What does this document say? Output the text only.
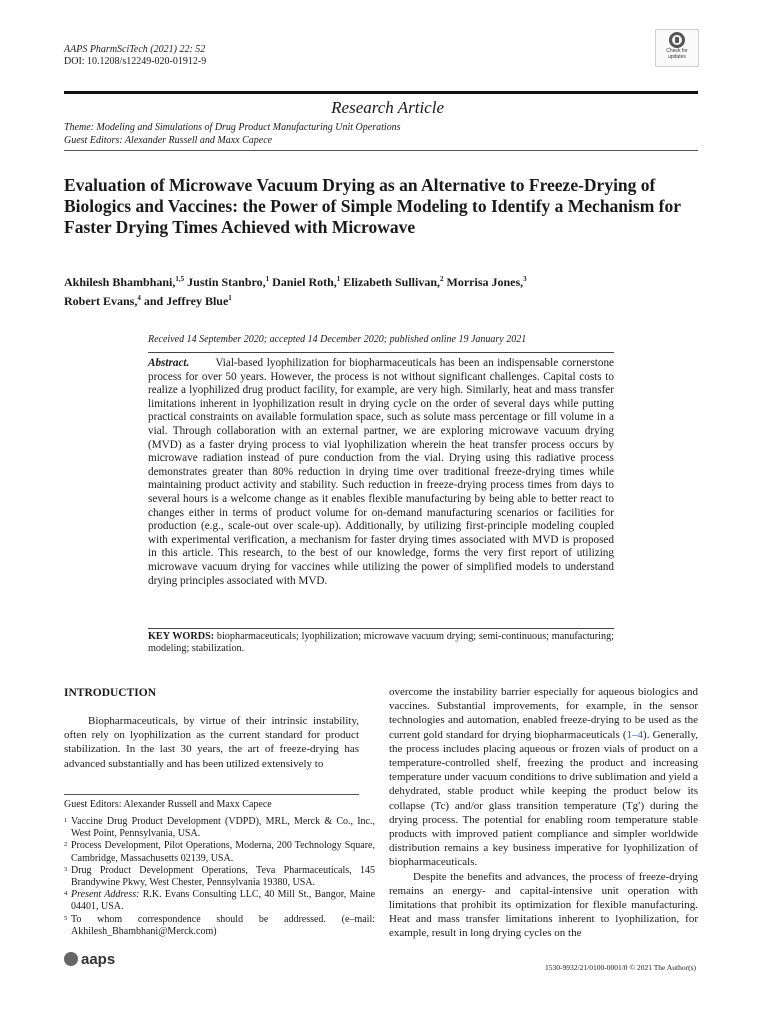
AAPS PharmSciTech (2021) 22: 52
DOI: 10.1208/s12249-020-01912-9
Check for
updates
Research Article
Theme: Modeling and Simulations of Drug Product Manufacturing Unit Operations
Guest Editors: Alexander Russell and Maxx Capece
Evaluation of Microwave Vacuum Drying as an Alternative to Freeze-Drying of Biologics and Vaccines: the Power of Simple Modeling to Identify a Mechanism for Faster Drying Times Achieved with Microwave
Akhilesh Bhambhani,$^{1,5}$ Justin Stanbro,$^1$ Daniel Roth,$^1$ Elizabeth Sullivan,$^2$ Morrisa Jones,$^3$
Robert Evans,$^4$ and Jeffrey Blue$^1$
Received 14 September 2020; accepted 14 December 2020; published online 19 January 2021
Abstract. Vial-based lyophilization for biopharmaceuticals has been an indispensable cornerstone process for over 50 years. However, the process is not without significant challenges. Capital costs to realize a lyophilized drug product facility, for example, are very high. Similarly, heat and mass transfer limitations inherent in lyophilization result in drying cycle on the order of several days while putting practical constraints on available formulation space, such as solute mass percentage or fill volume in a vial. Through collaboration with an external partner, we are exploring microwave vacuum drying (MVD) as a faster drying process to vial lyophilization wherein the heat transfer process occurs by microwave radiation instead of pure conduction from the vial. Drying using this radiative process demonstrates greater than 80% reduction in drying time over traditional freeze-drying times while maintaining product activity and stability. Such reduction in freeze-drying process times from days to several hours is a welcome change as it enables flexible manufacturing by being able to better react to changes either in terms of product volume for on-demand manufacturing scenarios or facilities for production (e.g., scale-out over scale-up). Additionally, by utilizing first-principle modeling coupled with experimental verification, a mechanism for faster drying times associated with MVD is proposed in this article. This research, to the best of our knowledge, forms the very first report of utilizing microwave vacuum drying for vaccines while utilizing the power of simplified models to understand drying principles associated with MVD.
KEY WORDS: biopharmaceuticals; lyophilization; microwave vacuum drying; semi-continuous; manufacturing; modeling; stabilization.
INTRODUCTION
Biopharmaceuticals, by virtue of their intrinsic instability, often rely on lyophilization as the current standard for product stabilization. In the last 30 years, the art of freeze-drying has advanced substantially and has been utilized extensively to
Guest Editors: Alexander Russell and Maxx Capece
1 Vaccine Drug Product Development (VDPD), MRL, Merck & Co., Inc., West Point, Pennsylvania, USA.
2 Process Development, Pilot Operations, Moderna, 200 Technology Square, Cambridge, Massachusetts 02139, USA.
3 Drug Product Development Operations, Teva Pharmaceuticals, 145 Brandywine Pkwy, West Chester, Pennsylvania 19380, USA.
4 Present Address: R.K. Evans Consulting LLC, 40 Mill St., Bangor, Maine 04401, USA.
5 To whom correspondence should be addressed. (e–mail: Akhilesh_Bhambhani@Merck.com)

overcome the instability barrier especially for aqueous biologics and vaccines. Substantial improvements, for example, in the sensor technologies and automation, enabled freeze-drying to be used as the current gold standard for drying biopharmaceuticals (1–4). Generally, the process includes placing aqueous or frozen vials of product on a temperature-controlled shelf, freezing the product and increasing temperature under vacuum conditions to drive sublimation and yield a dehydrated, stable product while keeping the product below its collapse (Tc) and/or glass transition temperature (Tg′) during the drying process. The potential for enabling room temperature stable products with improved patient compliance and simpler worldwide distribution remains a key business imperative for lyophilization of biopharmaceuticals.

Despite the benefits and advances, the process of freeze-drying remains an energy- and capital-intensive unit operation with limitations that prohibit its optimization for flexible manufacturing. Heat and mass transfer limitations inherent to lyophilization, for example, result in long drying cycles on the

aaps	1530-9932/21/0100-0001/0 © 2021 The Author(s)
